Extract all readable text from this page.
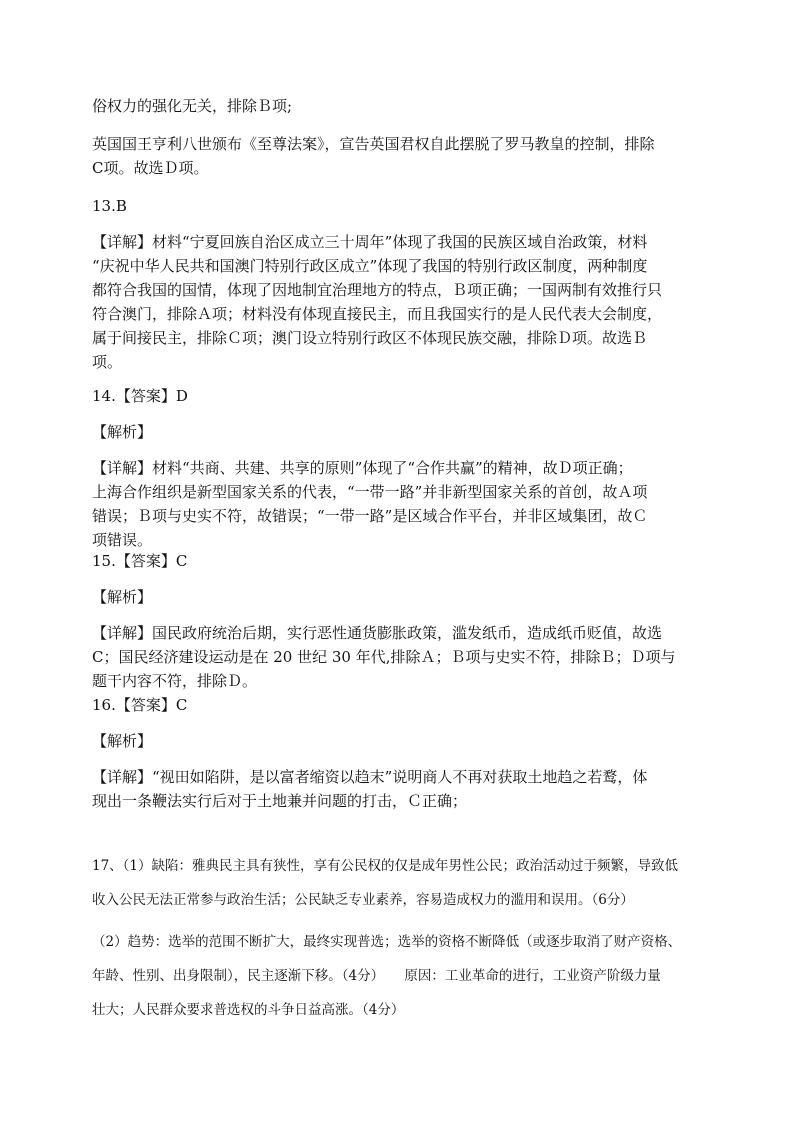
俗权力的强化无关，排除Ｂ项;
英国国王亨利八世颁布《至尊法案》，宣告英国君权自此摆脱了罗马教皇的控制，排除
C项。故选Ｄ项。
13.B
【详解】材料“宁夏回族自治区成立三十周年”体现了我国的民族区域自治政策，材料
“庆祝中华人民共和国澳门特别行政区成立”体现了我国的特别行政区制度，两种制度
都符合我国的国情，体现了因地制宜治理地方的特点，Ｂ项正确；一国两制有效推行只
符合澳门，排除Ａ项；材料没有体现直接民主，而且我国实行的是人民代表大会制度，
属于间接民主，排除Ｃ项；澳门设立特别行政区不体现民族交融，排除Ｄ项。故选Ｂ
项。
14.【答案】D
【解析】
【详解】材料“共商、共建、共享的原则”体现了“合作共赢”的精神，故Ｄ项正确；
上海合作组织是新型国家关系的代表，“一带一路”并非新型国家关系的首创，故Ａ项
错误；Ｂ项与史实不符，故错误；“一带一路”是区域合作平台，并非区域集团，故Ｃ
项错误。
15.【答案】C
【解析】
【详解】国民政府统治后期，实行恶性通货膨胀政策，滥发纸币，造成纸币贬值，故选
C；国民经济建设运动是在 20 世纪 30 年代,排除Ａ；Ｂ项与史实不符，排除Ｂ；Ｄ项与
题干内容不符，排除Ｄ。
16.【答案】C
【解析】
【详解】“视田如陷阱，是以富者缩资以趋末”说明商人不再对获取土地趋之若鹜，体
现出一条鞭法实行后对于土地兼并问题的打击，Ｃ正确；
17、（1）缺陷：雅典民主具有狭性，享有公民权的仅是成年男性公民；政治活动过于频繁，导致低
收入公民无法正常参与政治生活；公民缺乏专业素养，容易造成权力的滥用和误用。（6分）
（2）趋势：选举的范围不断扩大，最终实现普选；选举的资格不断降低（或逐步取消了财产资格、
年龄、性别、出身限制），民主逐渐下移。（4分）　　原因：工业革命的进行，工业资产阶级力量
壮大；人民群众要求普选权的斗争日益高涨。（4分）
